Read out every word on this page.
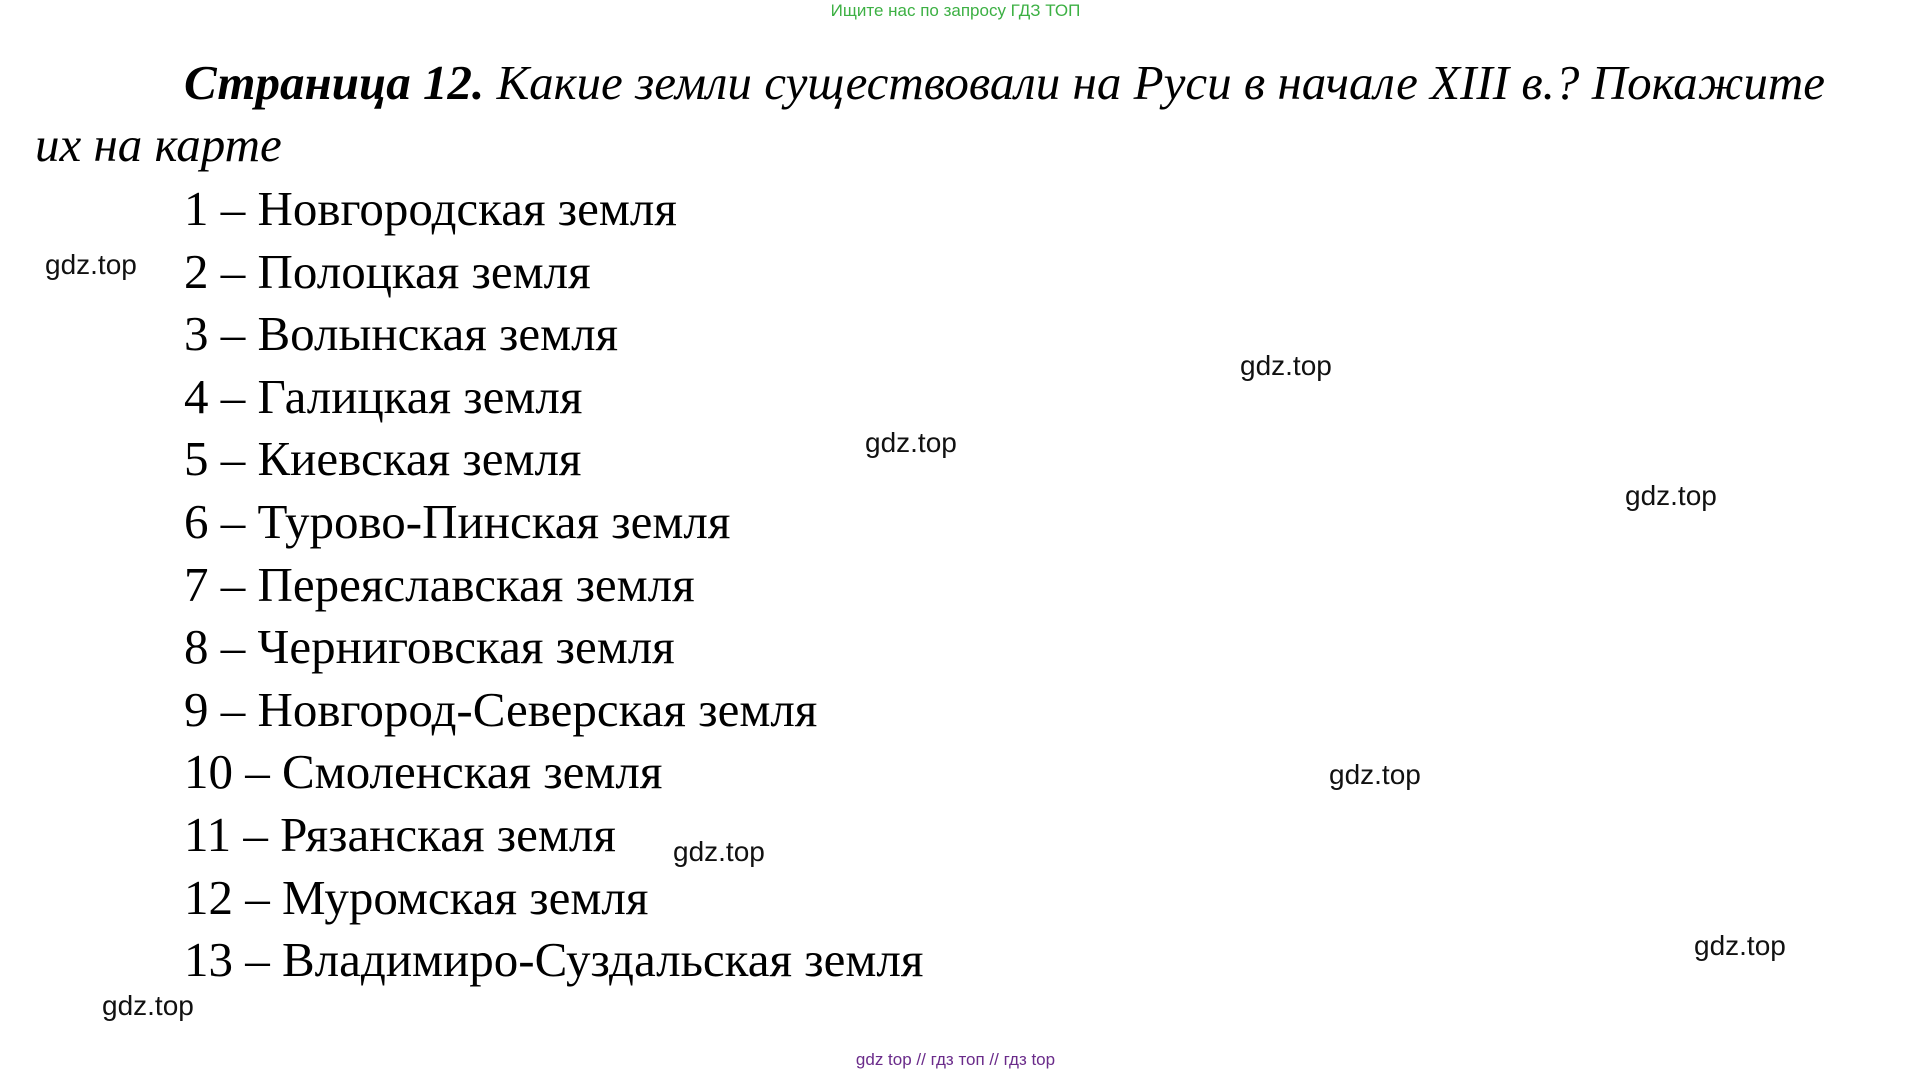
Ищите нас по запросу ГДЗ ТОП
Страница 12. Какие земли существовали на Руси в начале XIII в.? Покажите их на карте
1 – Новгородская земля
2 – Полоцкая земля
3 – Волынская земля
4 – Галицкая земля
5 – Киевская земля
6 – Турово-Пинская земля
7 – Переяславская земля
8 – Черниговская земля
9 – Новгород-Северская земля
10 – Смоленская земля
11 – Рязанская земля
12 – Муромская земля
13 – Владимиро-Суздальская земля
gdz.top
gdz.top
gdz.top
gdz.top
gdz.top
gdz.top
gdz.top
gdz.top
gdz top // гдз топ // гдз top
